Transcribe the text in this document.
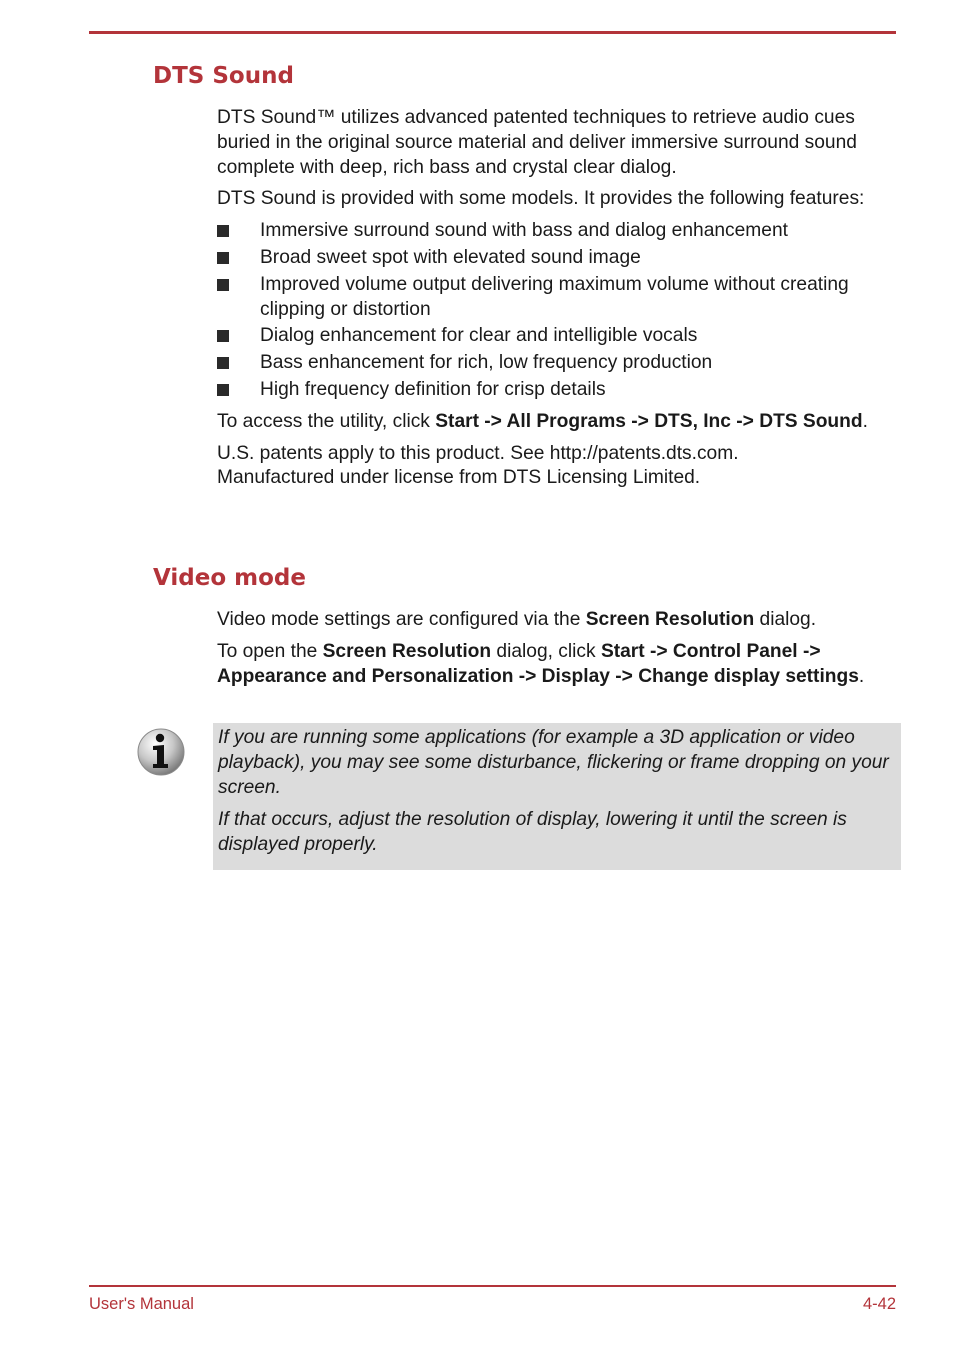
DTS Sound

DTS Sound™ utilizes advanced patented techniques to retrieve audio cues buried in the original source material and deliver immersive surround sound complete with deep, rich bass and crystal clear dialog.

DTS Sound is provided with some models. It provides the following features:

Immersive surround sound with bass and dialog enhancement
Broad sweet spot with elevated sound image
Improved volume output delivering maximum volume without creating clipping or distortion
Dialog enhancement for clear and intelligible vocals
Bass enhancement for rich, low frequency production
High frequency definition for crisp details

To access the utility, click Start -> All Programs -> DTS, Inc -> DTS Sound.

U.S. patents apply to this product. See http://patents.dts.com.
Manufactured under license from DTS Licensing Limited.

Video mode

Video mode settings are configured via the Screen Resolution dialog.

To open the Screen Resolution dialog, click Start -> Control Panel -> Appearance and Personalization -> Display -> Change display settings.

If you are running some applications (for example a 3D application or video playback), you may see some disturbance, flickering or frame dropping on your screen.

If that occurs, adjust the resolution of display, lowering it until the screen is displayed properly.

User's Manual	4-42
